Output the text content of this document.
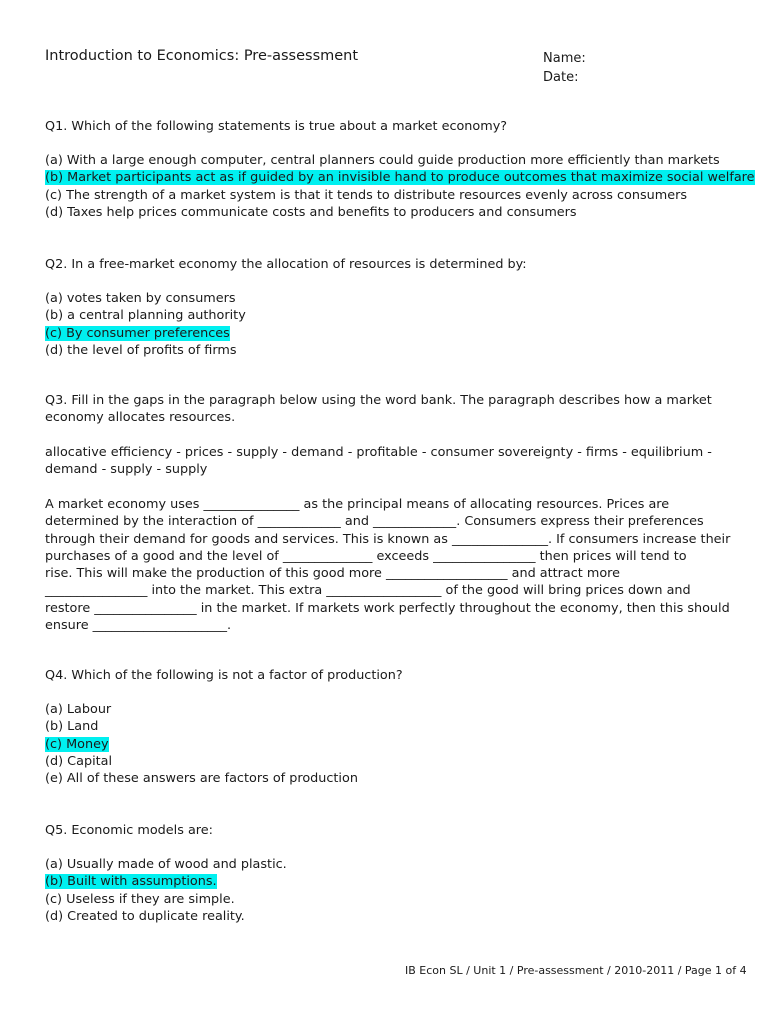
Introduction to Economics: Pre-assessment	Name:
Date:
Q1. Which of the following statements is true about a market economy?
(a) With a large enough computer, central planners could guide production more efficiently than markets
(b) Market participants act as if guided by an invisible hand to produce outcomes that maximize social welfare
(c) The strength of a market system is that it tends to distribute resources evenly across consumers
(d) Taxes help prices communicate costs and benefits to producers and consumers
Q2. In a free-market economy the allocation of resources is determined by:
(a) votes taken by consumers
(b) a central planning authority
(c) By consumer preferences
(d) the level of profits of firms
Q3. Fill in the gaps in the paragraph below using the word bank. The paragraph describes how a market
economy allocates resources.
allocative efficiency - prices - supply - demand - profitable - consumer sovereignty - firms - equilibrium -
demand - supply - supply
A market economy uses _______________ as the principal means of allocating resources. Prices are
determined by the interaction of _____________ and _____________. Consumers express their preferences
through their demand for goods and services. This is known as _______________. If consumers increase their
purchases of a good and the level of ______________ exceeds ________________ then prices will tend to
rise. This will make the production of this good more ___________________ and attract more
________________ into the market. This extra __________________ of the good will bring prices down and
restore ________________ in the market. If markets work perfectly throughout the economy, then this should
ensure _____________________.
Q4. Which of the following is not a factor of production?
(a) Labour
(b) Land
(c) Money
(d) Capital
(e) All of these answers are factors of production
Q5. Economic models are:
(a) Usually made of wood and plastic.
(b) Built with assumptions.
(c) Useless if they are simple.
(d) Created to duplicate reality.
IB Econ SL / Unit 1 / Pre-assessment / 2010-2011 / Page 1 of 4
